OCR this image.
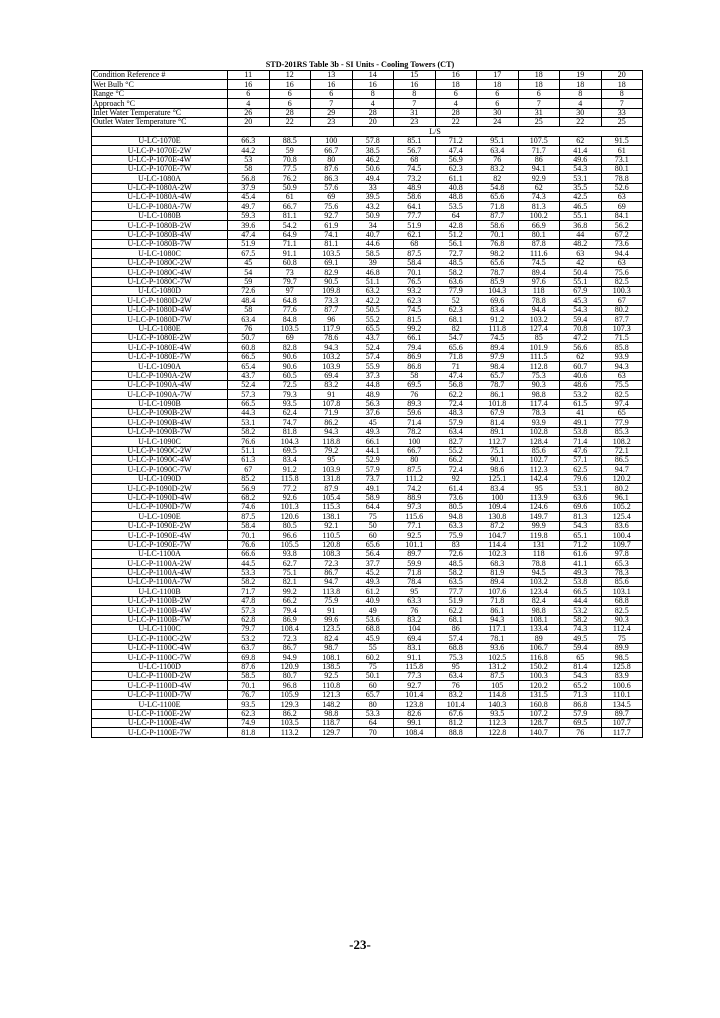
STD-201RS Table 3b - SI Units - Cooling Towers (CT)
Condition Reference #	11	12	13	14	15	16	17	18	19	20
Wet Bulb °C	16	16	16	16	16	18	18	18	18	18
Range °C	6	6	6	8	8	6	6	6	8	8
Approach °C	4	6	7	4	7	4	6	7	4	7
Inlet Water Temperature °C	26	28	29	28	31	28	30	31	30	33
Outlet Water Temperature °C	20	22	23	20	23	22	24	25	22	25
	L/S									
U-LC-1070E	66.3	88.5	100	57.8	85.1	71.2	95.1	107.5	62	91.5
U-LC-P-1070E-2W	44.2	59	66.7	38.5	56.7	47.4	63.4	71.7	41.4	61
U-LC-P-1070E-4W	53	70.8	80	46.2	68	56.9	76	86	49.6	73.1
U-LC-P-1070E-7W	58	77.5	87.6	50.6	74.5	62.3	83.2	94.1	54.3	80.1
U-LC-1080A	56.8	76.2	86.3	49.4	73.2	61.1	82	92.9	53.1	78.8
U-LC-P-1080A-2W	37.9	50.9	57.6	33	48.9	40.8	54.8	62	35.5	52.6
U-LC-P-1080A-4W	45.4	61	69	39.5	58.6	48.8	65.6	74.3	42.5	63
U-LC-P-1080A-7W	49.7	66.7	75.6	43.2	64.1	53.5	71.8	81.3	46.5	69
U-LC-1080B	59.3	81.1	92.7	50.9	77.7	64	87.7	100.2	55.1	84.1
U-LC-P-1080B-2W	39.6	54.2	61.9	34	51.9	42.8	58.6	66.9	36.8	56.2
U-LC-P-1080B-4W	47.4	64.9	74.1	40.7	62.1	51.2	70.1	80.1	44	67.2
U-LC-P-1080B-7W	51.9	71.1	81.1	44.6	68	56.1	76.8	87.8	48.2	73.6
U-LC-1080C	67.5	91.1	103.5	58.5	87.5	72.7	98.2	111.6	63	94.4
U-LC-P-1080C-2W	45	60.8	69.1	39	58.4	48.5	65.6	74.5	42	63
U-LC-P-1080C-4W	54	73	82.9	46.8	70.1	58.2	78.7	89.4	50.4	75.6
U-LC-P-1080C-7W	59	79.7	90.5	51.1	76.5	63.6	85.9	97.6	55.1	82.5
U-LC-1080D	72.6	97	109.8	63.2	93.2	77.9	104.3	118	67.9	100.3
U-LC-P-1080D-2W	48.4	64.8	73.3	42.2	62.3	52	69.6	78.8	45.3	67
U-LC-P-1080D-4W	58	77.6	87.7	50.5	74.5	62.3	83.4	94.4	54.3	80.2
U-LC-P-1080D-7W	63.4	84.8	96	55.2	81.5	68.1	91.2	103.2	59.4	87.7
U-LC-1080E	76	103.5	117.9	65.5	99.2	82	111.8	127.4	70.8	107.3
U-LC-P-1080E-2W	50.7	69	78.6	43.7	66.1	54.7	74.5	85	47.2	71.5
U-LC-P-1080E-4W	60.8	82.8	94.3	52.4	79.4	65.6	89.4	101.9	56.6	85.8
U-LC-P-1080E-7W	66.5	90.6	103.2	57.4	86.9	71.8	97.9	111.5	62	93.9
U-LC-1090A	65.4	90.6	103.9	55.9	86.8	71	98.4	112.8	60.7	94.3
U-LC-P-1090A-2W	43.7	60.5	69.4	37.3	58	47.4	65.7	75.3	40.6	63
U-LC-P-1090A-4W	52.4	72.5	83.2	44.8	69.5	56.8	78.7	90.3	48.6	75.5
U-LC-P-1090A-7W	57.3	79.3	91	48.9	76	62.2	86.1	98.8	53.2	82.5
U-LC-1090B	66.5	93.5	107.8	56.3	89.3	72.4	101.8	117.4	61.5	97.4
U-LC-P-1090B-2W	44.3	62.4	71.9	37.6	59.6	48.3	67.9	78.3	41	65
U-LC-P-1090B-4W	53.1	74.7	86.2	45	71.4	57.9	81.4	93.9	49.1	77.9
U-LC-P-1090B-7W	58.2	81.8	94.3	49.3	78.2	63.4	89.1	102.8	53.8	85.3
U-LC-1090C	76.6	104.3	118.8	66.1	100	82.7	112.7	128.4	71.4	108.2
U-LC-P-1090C-2W	51.1	69.5	79.2	44.1	66.7	55.2	75.1	85.6	47.6	72.1
U-LC-P-1090C-4W	61.3	83.4	95	52.9	80	66.2	90.1	102.7	57.1	86.5
U-LC-P-1090C-7W	67	91.2	103.9	57.9	87.5	72.4	98.6	112.3	62.5	94.7
U-LC-1090D	85.2	115.8	131.8	73.7	111.2	92	125.1	142.4	79.6	120.2
U-LC-P-1090D-2W	56.9	77.2	87.9	49.1	74.2	61.4	83.4	95	53.1	80.2
U-LC-P-1090D-4W	68.2	92.6	105.4	58.9	88.9	73.6	100	113.9	63.6	96.1
U-LC-P-1090D-7W	74.6	101.3	115.3	64.4	97.3	80.5	109.4	124.6	69.6	105.2
U-LC-1090E	87.5	120.6	138.1	75	115.6	94.8	130.8	149.7	81.3	125.4
U-LC-P-1090E-2W	58.4	80.5	92.1	50	77.1	63.3	87.2	99.9	54.3	83.6
U-LC-P-1090E-4W	70.1	96.6	110.5	60	92.5	75.9	104.7	119.8	65.1	100.4
U-LC-P-1090E-7W	76.6	105.5	120.8	65.6	101.1	83	114.4	131	71.2	109.7
U-LC-1100A	66.6	93.8	108.3	56.4	89.7	72.6	102.3	118	61.6	97.8
U-LC-P-1100A-2W	44.5	62.7	72.3	37.7	59.9	48.5	68.3	78.8	41.1	65.3
U-LC-P-1100A-4W	53.3	75.1	86.7	45.2	71.8	58.2	81.9	94.5	49.3	78.3
U-LC-P-1100A-7W	58.2	82.1	94.7	49.3	78.4	63.5	89.4	103.2	53.8	85.6
U-LC-1100B	71.7	99.2	113.8	61.2	95	77.7	107.6	123.4	66.5	103.1
U-LC-P-1100B-2W	47.8	66.2	75.9	40.9	63.3	51.9	71.8	82.4	44.4	68.8
U-LC-P-1100B-4W	57.3	79.4	91	49	76	62.2	86.1	98.8	53.2	82.5
U-LC-P-1100B-7W	62.8	86.9	99.6	53.6	83.2	68.1	94.3	108.1	58.2	90.3
U-LC-1100C	79.7	108.4	123.5	68.8	104	86	117.1	133.4	74.3	112.4
U-LC-P-1100C-2W	53.2	72.3	82.4	45.9	69.4	57.4	78.1	89	49.5	75
U-LC-P-1100C-4W	63.7	86.7	98.7	55	83.1	68.8	93.6	106.7	59.4	89.9
U-LC-P-1100C-7W	69.8	94.9	108.1	60.2	91.1	75.3	102.5	116.8	65	98.5
U-LC-1100D	87.6	120.9	138.5	75	115.8	95	131.2	150.2	81.4	125.8
U-LC-P-1100D-2W	58.5	80.7	92.5	50.1	77.3	63.4	87.5	100.3	54.3	83.9
U-LC-P-1100D-4W	70.1	96.8	110.8	60	92.7	76	105	120.2	65.2	100.6
U-LC-P-1100D-7W	76.7	105.9	121.3	65.7	101.4	83.2	114.8	131.5	71.3	110.1
U-LC-1100E	93.5	129.3	148.2	80	123.8	101.4	140.3	160.8	86.8	134.5
U-LC-P-1100E-2W	62.3	86.2	98.8	53.3	82.6	67.6	93.5	107.2	57.9	89.7
U-LC-P-1100E-4W	74.9	103.5	118.7	64	99.1	81.2	112.3	128.7	69.5	107.7
U-LC-P-1100E-7W	81.8	113.2	129.7	70	108.4	88.8	122.8	140.7	76	117.7
-23-
